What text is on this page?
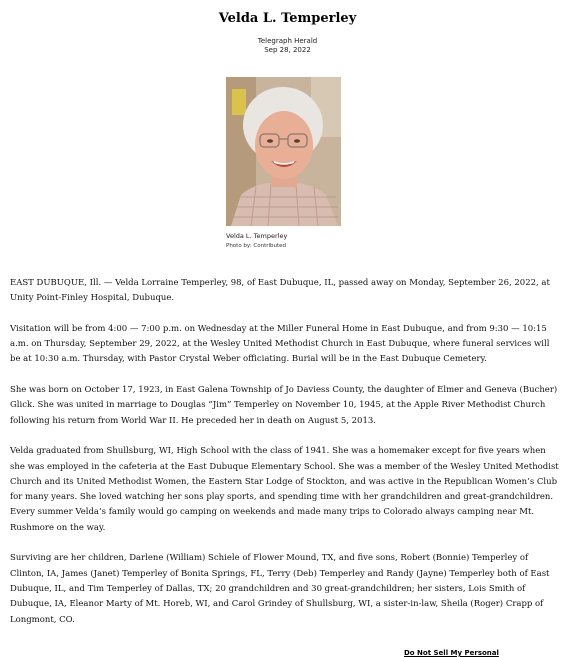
Velda L. Temperley
Telegraph Herald
Sep 28, 2022
Velda L. Temperley
Photo by: Contributed

EAST DUBUQUE, Ill. — Velda Lorraine Temperley, 98, of East Dubuque, IL, passed away on Monday, September 26, 2022, at Unity Point-Finley Hospital, Dubuque.

Visitation will be from 4:00 — 7:00 p.m. on Wednesday at the Miller Funeral Home in East Dubuque, and from 9:30 — 10:15 a.m. on Thursday, September 29, 2022, at the Wesley United Methodist Church in East Dubuque, where funeral services will be at 10:30 a.m. Thursday, with Pastor Crystal Weber officiating. Burial will be in the East Dubuque Cemetery.

She was born on October 17, 1923, in East Galena Township of Jo Daviess County, the daughter of Elmer and Geneva (Bucher) Glick. She was united in marriage to Douglas “Jim” Temperley on November 10, 1945, at the Apple River Methodist Church following his return from World War II. He preceded her in death on August 5, 2013.

Velda graduated from Shullsburg, WI, High School with the class of 1941. She was a homemaker except for five years when she was employed in the cafeteria at the East Dubuque Elementary School. She was a member of the Wesley United Methodist Church and its United Methodist Women, the Eastern Star Lodge of Stockton, and was active in the Republican Women’s Club for many years. She loved watching her sons play sports, and spending time with her grandchildren and great-grandchildren. Every summer Velda’s family would go camping on weekends and made many trips to Colorado always camping near Mt. Rushmore on the way.

Surviving are her children, Darlene (William) Schiele of Flower Mound, TX, and five sons, Robert (Bonnie) Temperley of Clinton, IA, James (Janet) Temperley of Bonita Springs, FL, Terry (Deb) Temperley and Randy (Jayne) Temperley both of East Dubuque, IL, and Tim Temperley of Dallas, TX; 20 grandchildren and 30 great-grandchildren; her sisters, Lois Smith of Dubuque, IA, Eleanor Marty of Mt. Horeb, WI, and Carol Grindey of Shullsburg, WI, a sister-in-law, Sheila (Roger) Crapp of Longmont, CO.

Do Not Sell My Personal
